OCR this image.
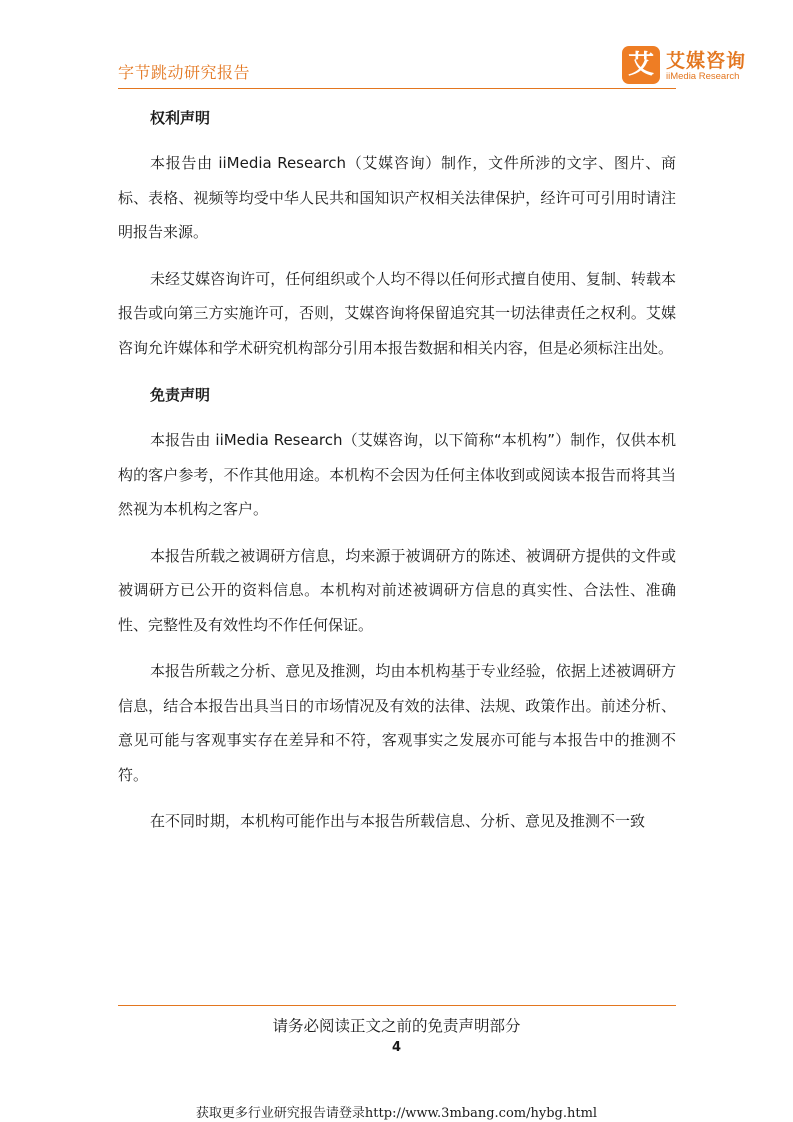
字节跳动研究报告	艾 艾媒咨询
iiMedia Research

权利声明

本报告由 iiMedia Research（艾媒咨询）制作，文件所涉的文字、图片、商标、表格、视频等均受中华人民共和国知识产权相关法律保护，经许可可引用时请注明报告来源。

未经艾媒咨询许可，任何组织或个人均不得以任何形式擅自使用、复制、转载本报告或向第三方实施许可，否则，艾媒咨询将保留追究其一切法律责任之权利。艾媒咨询允许媒体和学术研究机构部分引用本报告数据和相关内容，但是必须标注出处。

免责声明

本报告由 iiMedia Research（艾媒咨询，以下简称“本机构”）制作，仅供本机构的客户参考，不作其他用途。本机构不会因为任何主体收到或阅读本报告而将其当然视为本机构之客户。

本报告所载之被调研方信息，均来源于被调研方的陈述、被调研方提供的文件或被调研方已公开的资料信息。本机构对前述被调研方信息的真实性、合法性、准确性、完整性及有效性均不作任何保证。

本报告所载之分析、意见及推测，均由本机构基于专业经验，依据上述被调研方信息，结合本报告出具当日的市场情况及有效的法律、法规、政策作出。前述分析、意见可能与客观事实存在差异和不符，客观事实之发展亦可能与本报告中的推测不符。

在不同时期，本机构可能作出与本报告所载信息、分析、意见及推测不一致

请务必阅读正文之前的免责声明部分
4
获取更多行业研究报告请登录http://www.3mbang.com/hybg.html
